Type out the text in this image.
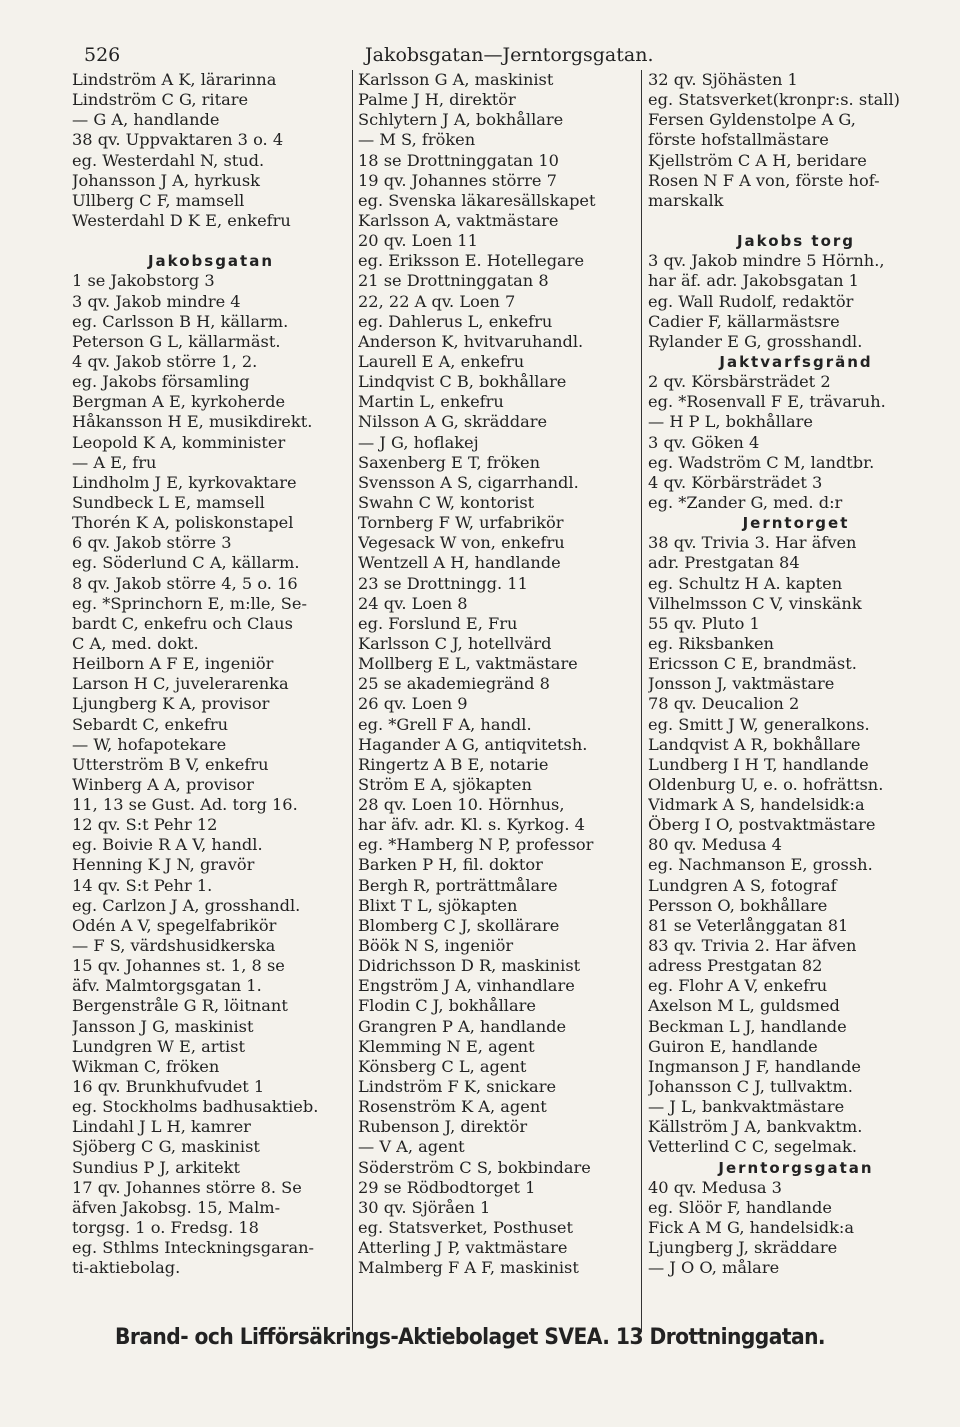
526	Jakobsgatan—Jerntorgsgatan.
Lindström A K, lärarinna
Lindström C G, ritare
— G A, handlande
38 qv. Uppvaktaren 3 o. 4
eg. Westerdahl N, stud.
Johansson J A, hyrkusk
Ullberg C F, mamsell
Westerdahl D K E, enkefru
Jakobsgatan
1 se Jakobstorg 3
3 qv. Jakob mindre 4
eg. Carlsson B H, källarm.
Peterson G L, källarmäst.
4 qv. Jakob större 1, 2.
eg. Jakobs församling
Bergman A E, kyrkoherde
Håkansson H E, musikdirekt.
Leopold K A, komminister
— A E, fru
Lindholm J E, kyrkovaktare
Sundbeck L E, mamsell
Thorén K A, poliskonstapel
6 qv. Jakob större 3
eg. Söderlund C A, källarm.
8 qv. Jakob större 4, 5 o. 16
eg. *Sprinchorn E, m:lle, Se-
bardt C, enkefru och Claus
C A, med. dokt.
Heilborn A F E, ingeniör
Larson H C, juvelerarenka
Ljungberg K A, provisor
Sebardt C, enkefru
— W, hofapotekare
Utterström B V, enkefru
Winberg A A, provisor
11, 13 se Gust. Ad. torg 16.
12 qv. S:t Pehr 12
eg. Boivie R A V, handl.
Henning K J N, gravör
14 qv. S:t Pehr 1.
eg. Carlzon J A, grosshandl.
Odén A V, spegelfabrikör
— F S, värdshusidkerska
15 qv. Johannes st. 1, 8 se
äfv. Malmtorgsgatan 1.
Bergenstråle G R, löitnant
Jansson J G, maskinist
Lundgren W E, artist
Wikman C, fröken
16 qv. Brunkhufvudet 1
eg. Stockholms badhusaktieb.
Lindahl J L H, kamrer
Sjöberg C G, maskinist
Sundius P J, arkitekt
17 qv. Johannes större 8. Se
äfven Jakobsg. 15, Malm-
torgsg. 1 o. Fredsg. 18
eg. Sthlms Inteckningsgaran-
ti-aktiebolag.
Karlsson G A, maskinist
Palme J H, direktör
Schlytern J A, bokhållare
— M S, fröken
18 se Drottninggatan 10
19 qv. Johannes större 7
eg. Svenska läkaresällskapet
Karlsson A, vaktmästare
20 qv. Loen 11
eg. Eriksson E. Hotellegare
21 se Drottninggatan 8
22, 22 A qv. Loen 7
eg. Dahlerus L, enkefru
Anderson K, hvitvaruhandl.
Laurell E A, enkefru
Lindqvist C B, bokhållare
Martin L, enkefru
Nilsson A G, skräddare
— J G, hoflakej
Saxenberg E T, fröken
Svensson A S, cigarrhandl.
Swahn C W, kontorist
Tornberg F W, urfabrikör
Vegesack W von, enkefru
Wentzell A H, handlande
23 se Drottningg. 11
24 qv. Loen 8
eg. Forslund E, Fru
Karlsson C J, hotellvärd
Mollberg E L, vaktmästare
25 se akademiegränd 8
26 qv. Loen 9
eg. *Grell F A, handl.
Hagander A G, antiqvitetsh.
Ringertz A B E, notarie
Ström E A, sjökapten
28 qv. Loen 10. Hörnhus,
har äfv. adr. Kl. s. Kyrkog. 4
eg. *Hamberg N P, professor
Barken P H, fil. doktor
Bergh R, porträttmålare
Blixt T L, sjökapten
Blomberg C J, skollärare
Böök N S, ingeniör
Didrichsson D R, maskinist
Engström J A, vinhandlare
Flodin C J, bokhållare
Grangren P A, handlande
Klemming N E, agent
Könsberg C L, agent
Lindström F K, snickare
Rosenström K A, agent
Rubenson J, direktör
— V A, agent
Söderström C S, bokbindare
29 se Rödbodtorget 1
30 qv. Sjöråen 1
eg. Statsverket, Posthuset
Atterling J P, vaktmästare
Malmberg F A F, maskinist
32 qv. Sjöhästen 1
eg. Statsverket(kronpr:s. stall)
Fersen Gyldenstolpe A G,
förste hofstallmästare
Kjellström C A H, beridare
Rosen N F A von, förste hof-
marskalk
Jakobs torg
3 qv. Jakob mindre 5 Hörnh.,
har äf. adr. Jakobsgatan 1
eg. Wall Rudolf, redaktör
Cadier F, källarmästsre
Rylander E G, grosshandl.
Jaktvarfsgränd
2 qv. Körsbärsträdet 2
eg. *Rosenvall F E, trävaruh.
— H P L, bokhållare
3 qv. Göken 4
eg. Wadström C M, landtbr.
4 qv. Körbärsträdet 3
eg. *Zander G, med. d:r
Jerntorget
38 qv. Trivia 3. Har äfven
adr. Prestgatan 84
eg. Schultz H A. kapten
Vilhelmsson C V, vinskänk
55 qv. Pluto 1
eg. Riksbanken
Ericsson C E, brandmäst.
Jonsson J, vaktmästare
78 qv. Deucalion 2
eg. Smitt J W, generalkons.
Landqvist A R, bokhållare
Lundberg I H T, handlande
Oldenburg U, e. o. hofrättsn.
Vidmark A S, handelsidk:a
Öberg I O, postvaktmästare
80 qv. Medusa 4
eg. Nachmanson E, grossh.
Lundgren A S, fotograf
Persson O, bokhållare
81 se Veterlånggatan 81
83 qv. Trivia 2. Har äfven
adress Prestgatan 82
eg. Flohr A V, enkefru
Axelson M L, guldsmed
Beckman L J, handlande
Guiron E, handlande
Ingmanson J F, handlande
Johansson C J, tullvaktm.
— J L, bankvaktmästare
Källström J A, bankvaktm.
Vetterlind C C, segelmak.
Jerntorgsgatan
40 qv. Medusa 3
eg. Slöör F, handlande
Fick A M G, handelsidk:a
Ljungberg J, skräddare
— J O O, målare
Brand- och Lifförsäkrings-Aktiebolaget SVEA. 13 Drottninggatan.
